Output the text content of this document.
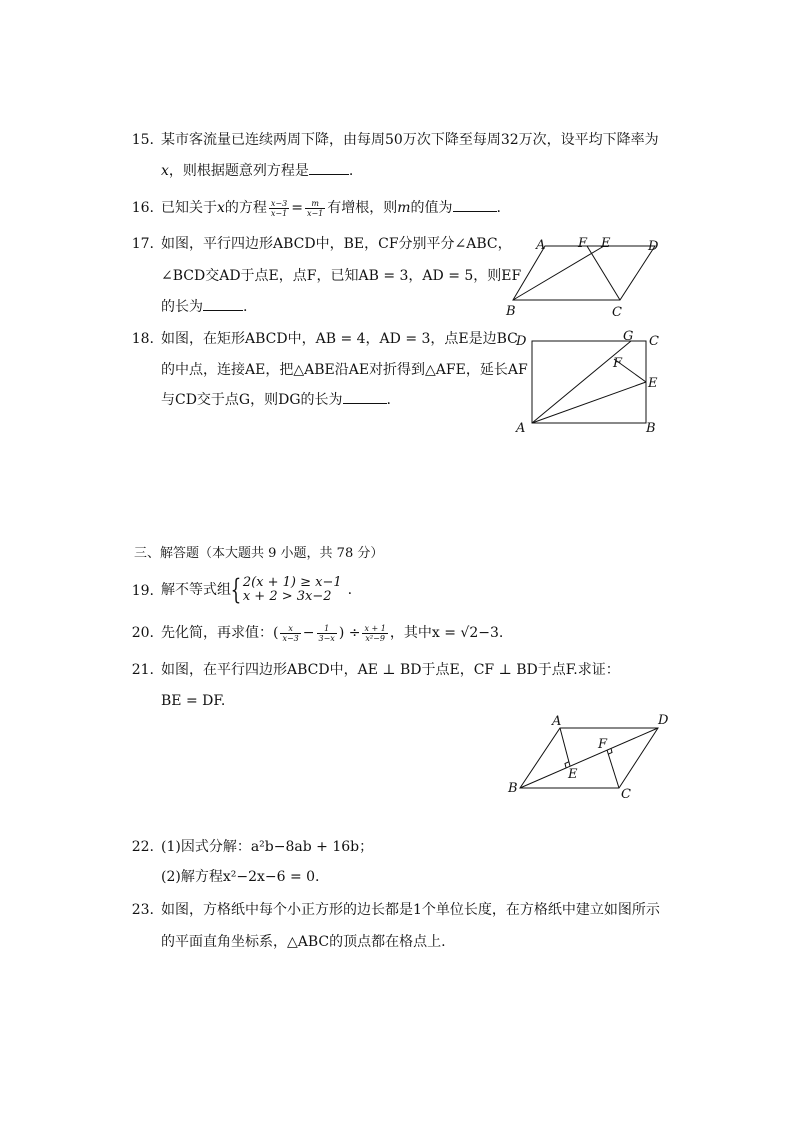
15. 某市客流量已连续两周下降，由每周50万次下降至每周32万次，设平均下降率为
x，则根据题意列方程是	.
16. 已知关于x的方程 $\frac{x-3}{x-1} = \frac{m}{x-1}$ 有增根，则m的值为	.
17. 如图，平行四边形ABCD中，BE，CF分别平分∠ABC，
∠BCD交AD于点E，点F，已知AB = 3，AD = 5，则EF
的长为	.
A	F E	D
B	C
18. 如图，在矩形ABCD中，AB = 4，AD = 3，点E是边BC
的中点，连接AE，把△ABE沿AE对折得到△AFE，延长AF
与CD交于点G，则DG的长为	.
D	G C
F
E
A	B
三、解答题（本大题共 9 小题，共 78 分）
19. 解不等式组 { 2(x + 1) ≥ x−1
x + 2 > 3x−2	.
20. 先化简，再求值：( $\frac{x}{x-3} - \frac{1}{3-x}$ ) ÷ $\frac{x + 1}{\text{x²−9}}$ ，其中x = √2−3.
21. 如图，在平行四边形ABCD中，AE ⊥ BD于点E，CF ⊥ BD于点F.求证：
BE = DF.
A	D
F
E
B	C
22. (1)因式分解：a²b−8ab + 16b；
(2)解方程x²−2x−6 = 0.
23. 如图，方格纸中每个小正方形的边长都是1个单位长度，在方格纸中建立如图所示
的平面直角坐标系，△ABC的顶点都在格点上.
